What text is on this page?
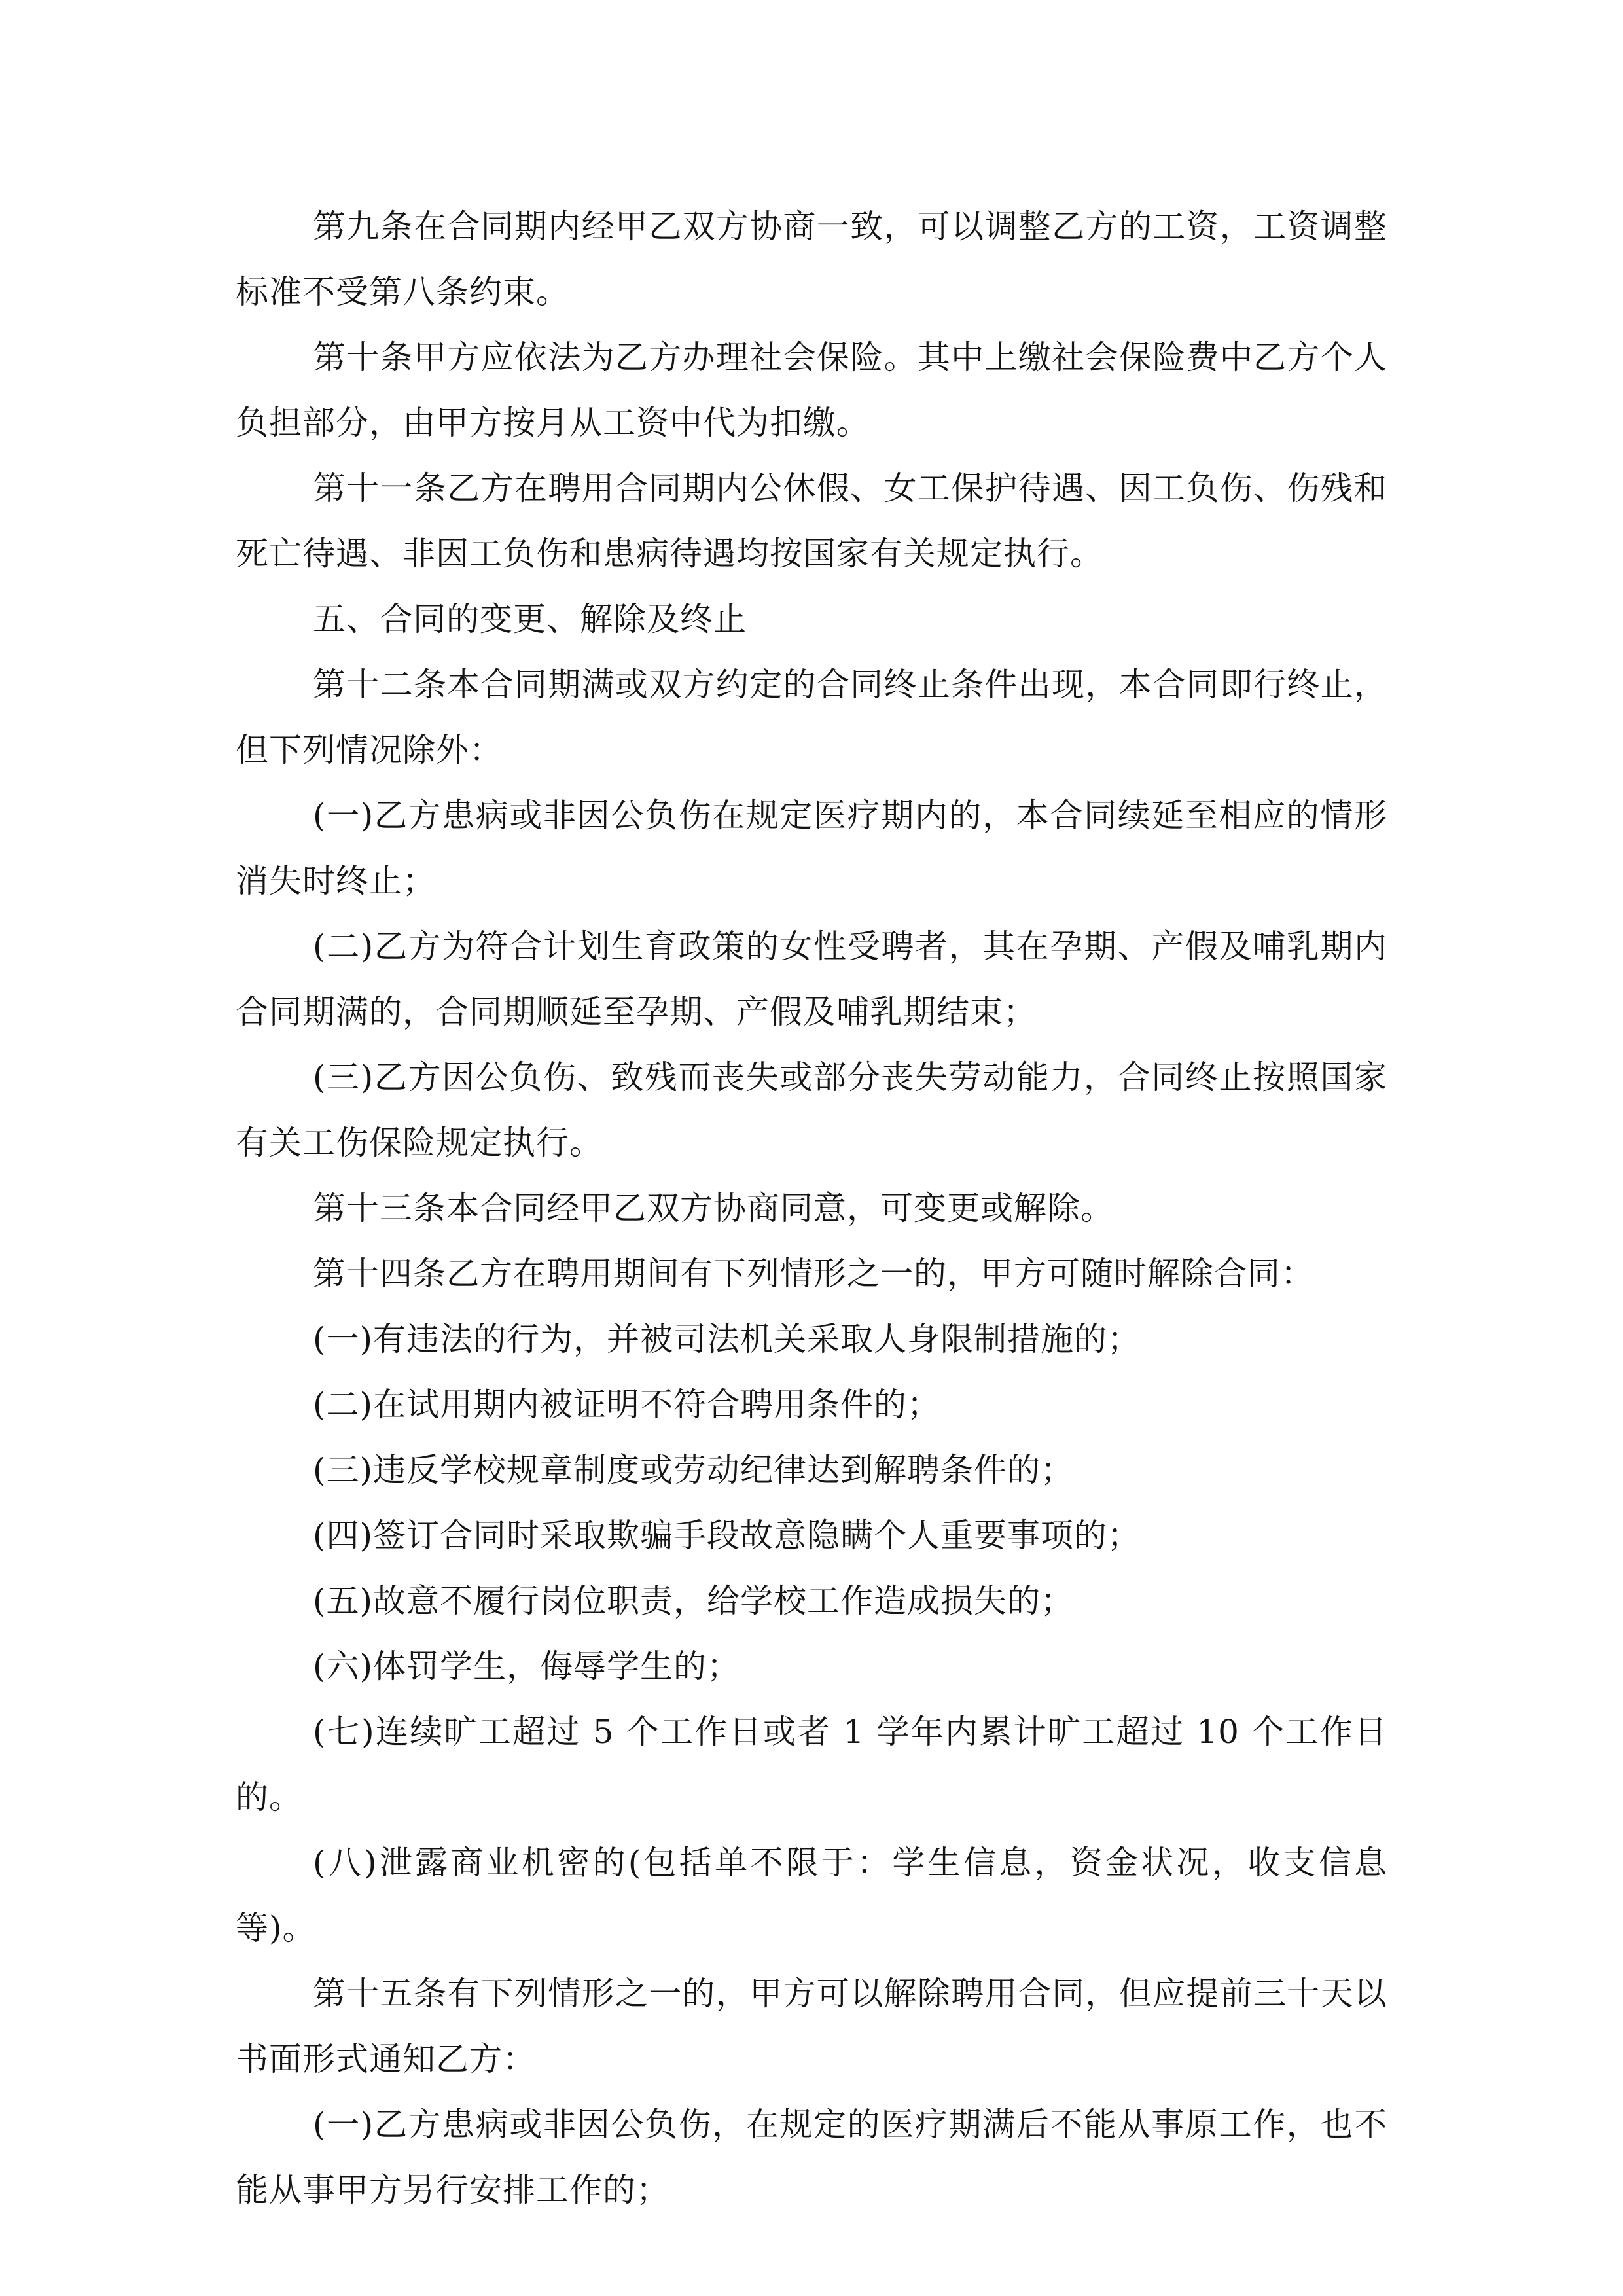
第九条在合同期内经甲乙双方协商一致，可以调整乙方的工资，工资调整标准不受第八条约束。

第十条甲方应依法为乙方办理社会保险。其中上缴社会保险费中乙方个人负担部分，由甲方按月从工资中代为扣缴。

第十一条乙方在聘用合同期内公休假、女工保护待遇、因工负伤、伤残和死亡待遇、非因工负伤和患病待遇均按国家有关规定执行。

五、合同的变更、解除及终止

第十二条本合同期满或双方约定的合同终止条件出现，本合同即行终止，但下列情况除外：

(一)乙方患病或非因公负伤在规定医疗期内的，本合同续延至相应的情形消失时终止；

(二)乙方为符合计划生育政策的女性受聘者，其在孕期、产假及哺乳期内合同期满的，合同期顺延至孕期、产假及哺乳期结束；

(三)乙方因公负伤、致残而丧失或部分丧失劳动能力，合同终止按照国家有关工伤保险规定执行。

第十三条本合同经甲乙双方协商同意，可变更或解除。

第十四条乙方在聘用期间有下列情形之一的，甲方可随时解除合同：

(一)有违法的行为，并被司法机关采取人身限制措施的；

(二)在试用期内被证明不符合聘用条件的；

(三)违反学校规章制度或劳动纪律达到解聘条件的；

(四)签订合同时采取欺骗手段故意隐瞒个人重要事项的；

(五)故意不履行岗位职责，给学校工作造成损失的；

(六)体罚学生，侮辱学生的；

(七)连续旷工超过 5 个工作日或者 1 学年内累计旷工超过 10 个工作日的。

(八)泄露商业机密的(包括单不限于：学生信息，资金状况，收支信息等)。

第十五条有下列情形之一的，甲方可以解除聘用合同，但应提前三十天以书面形式通知乙方：

(一)乙方患病或非因公负伤，在规定的医疗期满后不能从事原工作，也不能从事甲方另行安排工作的；
